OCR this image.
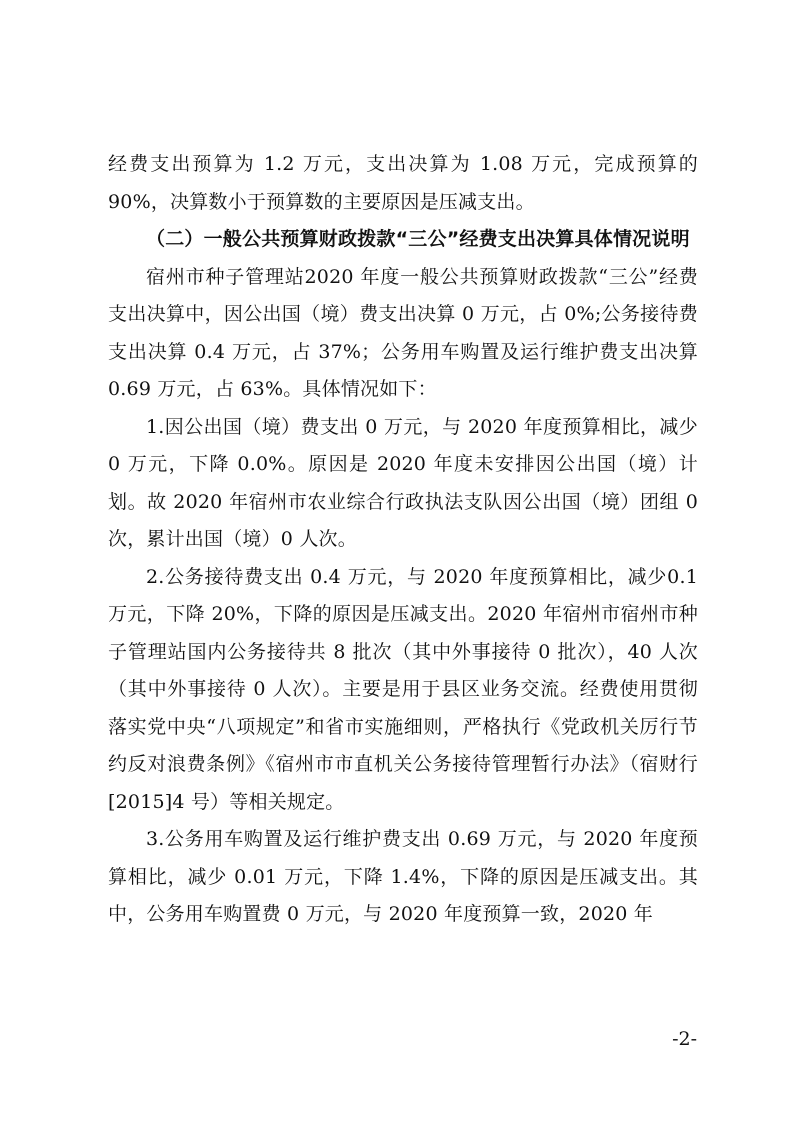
经费支出预算为 1.2 万元，支出决算为 1.08 万元，完成预算的90%，决算数小于预算数的主要原因是压减支出。

（二）一般公共预算财政拨款“三公”经费支出决算具体情况说明

宿州市种子管理站2020 年度一般公共预算财政拨款“三公”经费支出决算中，因公出国（境）费支出决算 0 万元，占 0%;公务接待费支出决算 0.4 万元，占 37%；公务用车购置及运行维护费支出决算 0.69 万元，占 63%。具体情况如下：

1.因公出国（境）费支出 0 万元，与 2020 年度预算相比，减少 0 万元，下降 0.0%。原因是 2020 年度未安排因公出国（境）计划。故 2020 年宿州市农业综合行政执法支队因公出国（境）团组 0 次，累计出国（境）0 人次。

2.公务接待费支出 0.4 万元，与 2020 年度预算相比，减少0.1 万元，下降 20%，下降的原因是压减支出。2020 年宿州市宿州市种子管理站国内公务接待共 8 批次（其中外事接待 0 批次），40 人次（其中外事接待 0 人次）。主要是用于县区业务交流。经费使用贯彻落实党中央“八项规定”和省市实施细则，严格执行《党政机关厉行节约反对浪费条例》《宿州市市直机关公务接待管理暂行办法》（宿财行[2015]4 号）等相关规定。

3.公务用车购置及运行维护费支出 0.69 万元，与 2020 年度预算相比，减少 0.01 万元，下降 1.4%，下降的原因是压减支出。其中，公务用车购置费 0 万元，与 2020 年度预算一致，2020 年

-2-
